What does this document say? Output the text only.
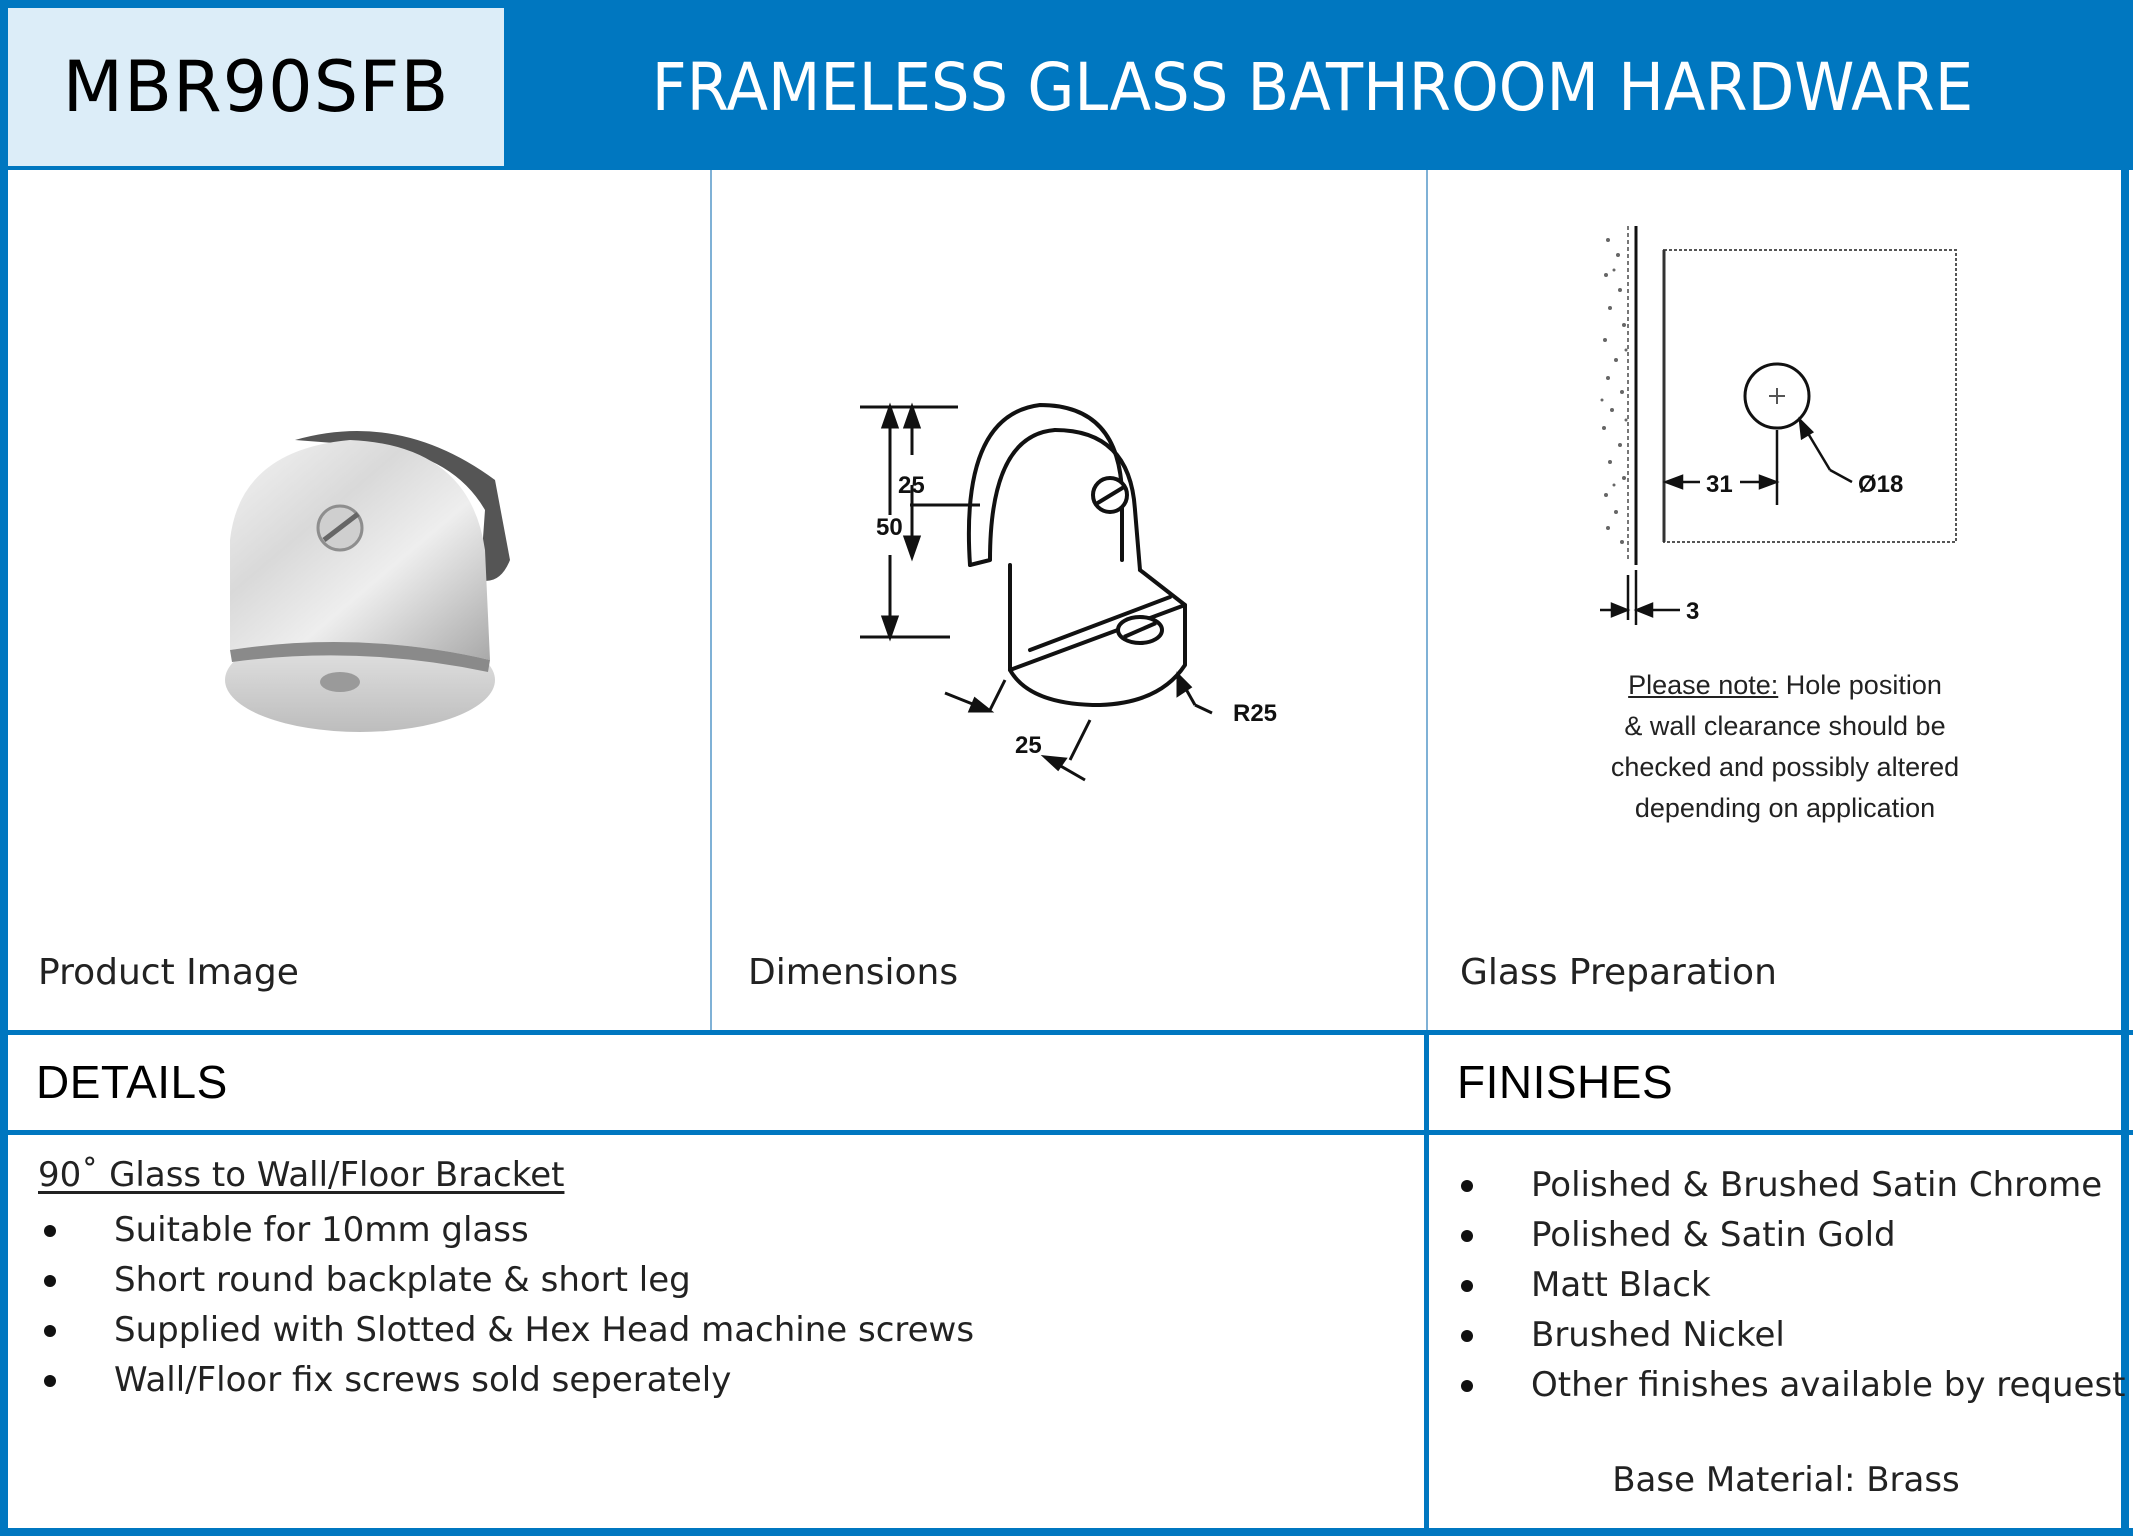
MBR90SFB	FRAMELESS GLASS BATHROOM HARDWARE
Product Image
50
25
25
R25
Dimensions
31	Ø18
3
Please note: Hole position
& wall clearance should be
checked and possibly altered
depending on application
Glass Preparation
DETAILS	FINISHES
90˚ Glass to Wall/Floor Bracket
Suitable for 10mm glass
Short round backplate & short leg
Supplied with Slotted & Hex Head machine screws
Wall/Floor fix screws sold seperately
Polished & Brushed Satin Chrome
Polished & Satin Gold
Matt Black
Brushed Nickel
Other finishes available by request
Base Material: Brass
